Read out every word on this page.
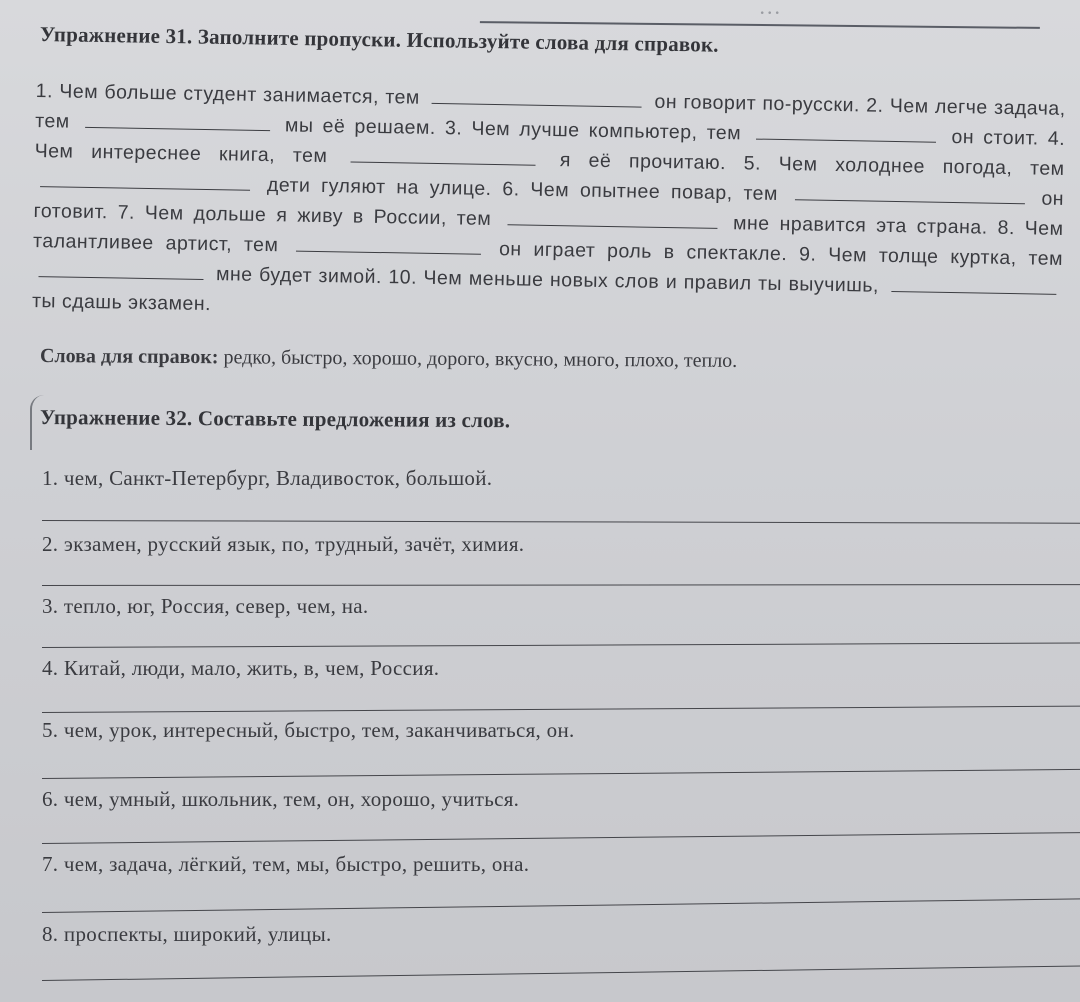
...
Упражнение 31. Заполните пропуски. Используйте слова для справок.
1. Чем больше студент занимается, тем	он говорит по-русски. 2. Чем легче задача, тем	мы её решаем. 3. Чем лучше компьютер, тем	он стоит. 4. Чем интереснее книга, тем	я её прочитаю. 5. Чем холоднее погода, тем  дети гуляют на улице. 6. Чем опытнее повар, тем	он готовит. 7. Чем дольше я живу в России, тем	мне нравится эта страна. 8. Чем талантливее артист, тем	он играет роль в спектакле. 9. Чем толще куртка, тем  мне будет зимой. 10. Чем меньше новых слов и правил ты выучишь,  ты сдашь экзамен.
Слова для справок: редко, быстро, хорошо, дорого, вкусно, много, плохо, тепло.
Упражнение 32. Составьте предложения из слов.
1. чем, Санкт-Петербург, Владивосток, большой.
2. экзамен, русский язык, по, трудный, зачёт, химия.
3. тепло, юг, Россия, север, чем, на.
4. Китай, люди, мало, жить, в, чем, Россия.
5. чем, урок, интересный, быстро, тем, заканчиваться, он.
6. чем, умный, школьник, тем, он, хорошо, учиться.
7. чем, задача, лёгкий, тем, мы, быстро, решить, она.
8. проспекты, широкий, улицы.
